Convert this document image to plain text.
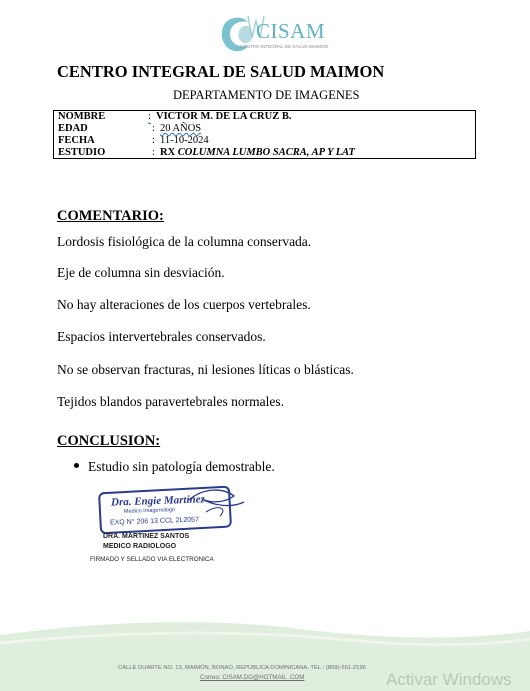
CISAM
CENTRO INTEGRAL DE SALUD MAIMON
CENTRO INTEGRAL DE SALUD MAIMON
DEPARTAMENTO DE IMAGENES
NOMBRE	: VICTOR M. DE LA CRUZ B.
EDAD	: 20 AÑOS
FECHA	: 11-10-2024
ESTUDIO	: RX COLUMNA LUMBO SACRA, AP Y LAT
COMENTARIO:
Lordosis fisiológica de la columna conservada.
Eje de columna sin desviación.
No hay alteraciones de los cuerpos vertebrales.
Espacios intervertebrales conservados.
No se observan fracturas, ni lesiones líticas o blásticas.
Tejidos blandos paravertebrales normales.
CONCLUSION:
Estudio sin patología demostrable.
Dra. Engie Martinez
Medico Imagenologo
EXQ N° 206 13 CCL 2L2057
DRA. MARTINEZ SANTOS
MEDICO RADIOLOGO
FIRMADO Y SELLADO VIA ELECTRONICA
CALLE DUARTE NO. 13, MAIMÓN, BONAO, REPUBLICA DOMINICANA, TEL.: (809)-551-2196
Correo: CISAM.DO@HOTMAIL .COM	Activar Windows
